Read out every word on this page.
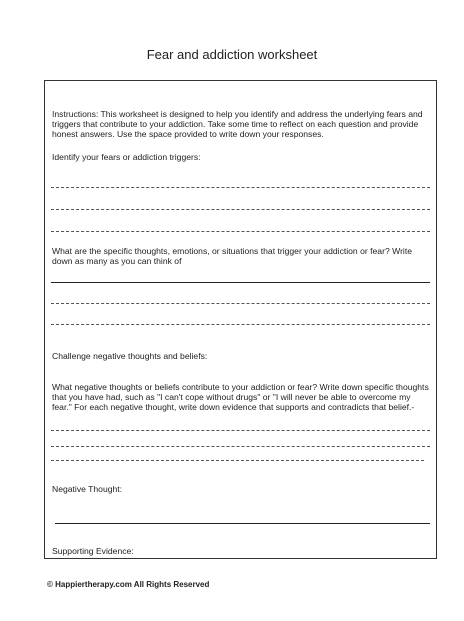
Fear and addiction worksheet
Instructions: This worksheet is designed to help you identify and address the underlying fears and triggers that contribute to your addiction. Take some time to reflect on each question and provide honest answers. Use the space provided to write down your responses.
Identify your fears or addiction triggers:
What are the specific thoughts, emotions, or situations that trigger your addiction or fear? Write down as many as you can think of
Challenge negative thoughts and beliefs:
What negative thoughts or beliefs contribute to your addiction or fear? Write down specific thoughts that you have had, such as "I can't cope without drugs" or "I will never be able to overcome my fear." For each negative thought, write down evidence that supports and contradicts that belief.-
Negative Thought:
Supporting Evidence:
© Happiertherapy.com All Rights Reserved
